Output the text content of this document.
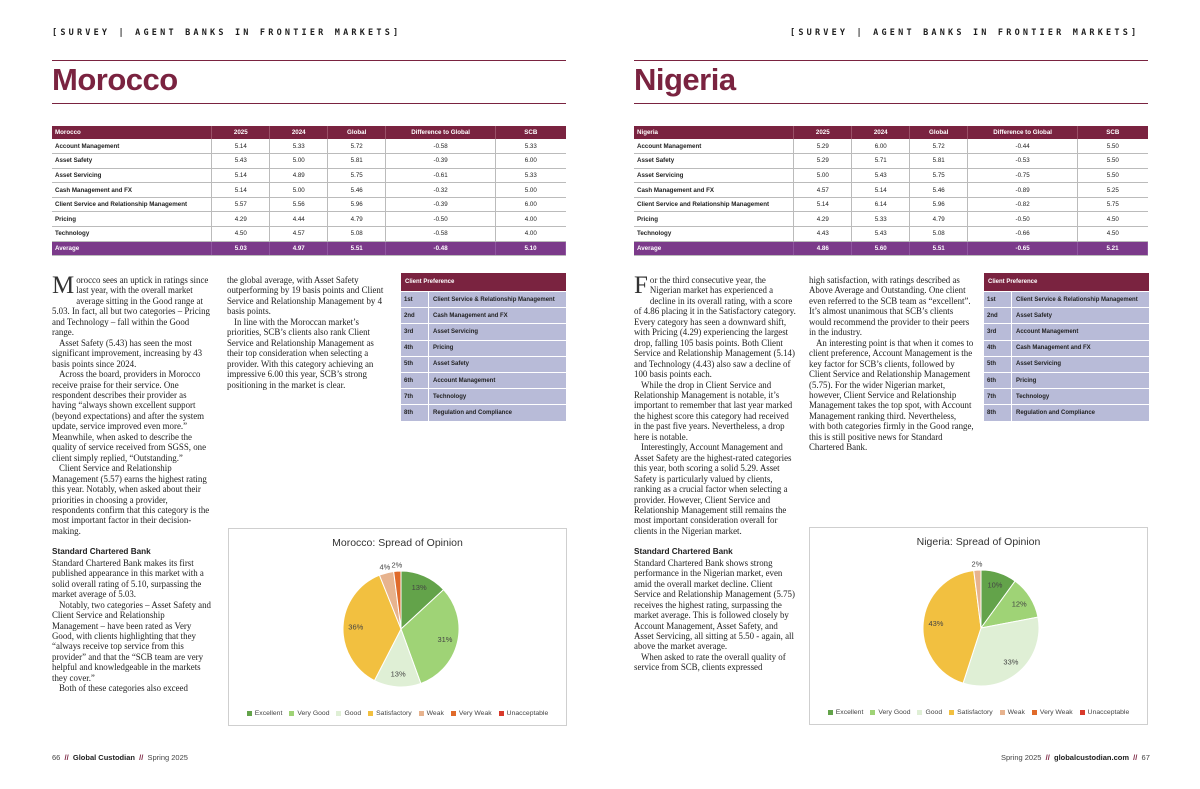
[SURVEY | AGENT BANKS IN FRONTIER MARKETS]
Morocco
Morocco	2025	2024	Global	Difference to Global	SCB
Account Management	5.14	5.33	5.72	-0.58	5.33
Asset Safety	5.43	5.00	5.81	-0.39	6.00
Asset Servicing	5.14	4.89	5.75	-0.61	5.33
Cash Management and FX	5.14	5.00	5.46	-0.32	5.00
Client Service and Relationship Management	5.57	5.56	5.96	-0.39	6.00
Pricing	4.29	4.44	4.79	-0.50	4.00
Technology	4.50	4.57	5.08	-0.58	4.00
Average	5.03	4.97	5.51	-0.48	5.10

Morocco sees an uptick in ratings since last year, with the overall market average sitting in the Good range at 5.03. In fact, all but two categories – Pricing and Technology – fall within the Good range.

Asset Safety (5.43) has seen the most significant improvement, increasing by 43 basis points since 2024.

Across the board, providers in Morocco receive praise for their service. One respondent describes their provider as having “always shown excellent support (beyond expectations) and after the system update, service improved even more.” Meanwhile, when asked to describe the quality of service received from SGSS, one client simply replied, “Outstanding.”

Client Service and Relationship Management (5.57) earns the highest rating this year. Notably, when asked about their priorities in choosing a provider, respondents confirm that this category is the most important factor in their decision-making.

Standard Chartered Bank

Standard Chartered Bank makes its first published appearance in this market with a solid overall rating of 5.10, surpassing the market average of 5.03.

Notably, two categories – Asset Safety and Client Service and Relationship Management – have been rated as Very Good, with clients highlighting that they “always receive top service from this provider” and that the “SCB team are very helpful and knowledgeable in the markets they cover.”

Both of these categories also exceed

the global average, with Asset Safety outperforming by 19 basis points and Client Service and Relationship Management by 4 basis points.

In line with the Moroccan market’s priorities, SCB’s clients also rank Client Service and Relationship Management as their top consideration when selecting a provider. With this category achieving an impressive 6.00 this year, SCB’s strong positioning in the market is clear.

Client Preference
1st	Client Service & Relationship Management
2nd	Cash Management and FX
3rd	Asset Servicing
4th	Pricing
5th	Asset Safety
6th	Account Management
7th	Technology
8th	Regulation and Compliance
Morocco: Spread of Opinion
13%
31%
13%
36%
4% 2%
Excellent Very Good Good Satisfactory Weak Very Weak Unacceptable
66  //  Global Custodian  //  Spring 2025
[SURVEY | AGENT BANKS IN FRONTIER MARKETS]
Nigeria
Nigeria	2025	2024	Global	Difference to Global	SCB
Account Management	5.29	6.00	5.72	-0.44	5.50
Asset Safety	5.29	5.71	5.81	-0.53	5.50
Asset Servicing	5.00	5.43	5.75	-0.75	5.50
Cash Management and FX	4.57	5.14	5.46	-0.89	5.25
Client Service and Relationship Management	5.14	6.14	5.96	-0.82	5.75
Pricing	4.29	5.33	4.79	-0.50	4.50
Technology	4.43	5.43	5.08	-0.66	4.50
Average	4.86	5.60	5.51	-0.65	5.21

For the third consecutive year, the Nigerian market has experienced a decline in its overall rating, with a score of 4.86 placing it in the Satisfactory category. Every category has seen a downward shift, with Pricing (4.29) experiencing the largest drop, falling 105 basis points. Both Client Service and Relationship Management (5.14) and Technology (4.43) also saw a decline of 100 basis points each.

While the drop in Client Service and Relationship Management is notable, it’s important to remember that last year marked the highest score this category had received in the past five years. Nevertheless, a drop here is notable.

Interestingly, Account Management and Asset Safety are the highest-rated categories this year, both scoring a solid 5.29. Asset Safety is particularly valued by clients, ranking as a crucial factor when selecting a provider. However, Client Service and Relationship Management still remains the most important consideration overall for clients in the Nigerian market.

Standard Chartered Bank

Standard Chartered Bank shows strong performance in the Nigerian market, even amid the overall market decline. Client Service and Relationship Management (5.75) receives the highest rating, surpassing the market average. This is followed closely by Account Management, Asset Safety, and Asset Servicing, all sitting at 5.50 - again, all above the market average.

When asked to rate the overall quality of service from SCB, clients expressed

high satisfaction, with ratings described as Above Average and Outstanding. One client even referred to the SCB team as “excellent”. It’s almost unanimous that SCB’s clients would recommend the provider to their peers in the industry.

An interesting point is that when it comes to client preference, Account Management is the key factor for SCB’s clients, followed by Client Service and Relationship Management (5.75). For the wider Nigerian market, however, Client Service and Relationship Management takes the top spot, with Account Management ranking third. Nevertheless, with both categories firmly in the Good range, this is still positive news for Standard Chartered Bank.

Client Preference
1st	Client Service & Relationship Management
2nd	Asset Safety
3rd	Account Management
4th	Cash Management and FX
5th	Asset Servicing
6th	Pricing
7th	Technology
8th	Regulation and Compliance
Nigeria: Spread of Opinion
10%
12%
33%
43%
2%
Excellent Very Good Good Satisfactory Weak Very Weak Unacceptable
Spring 2025  //  globalcustodian.com  //  67
